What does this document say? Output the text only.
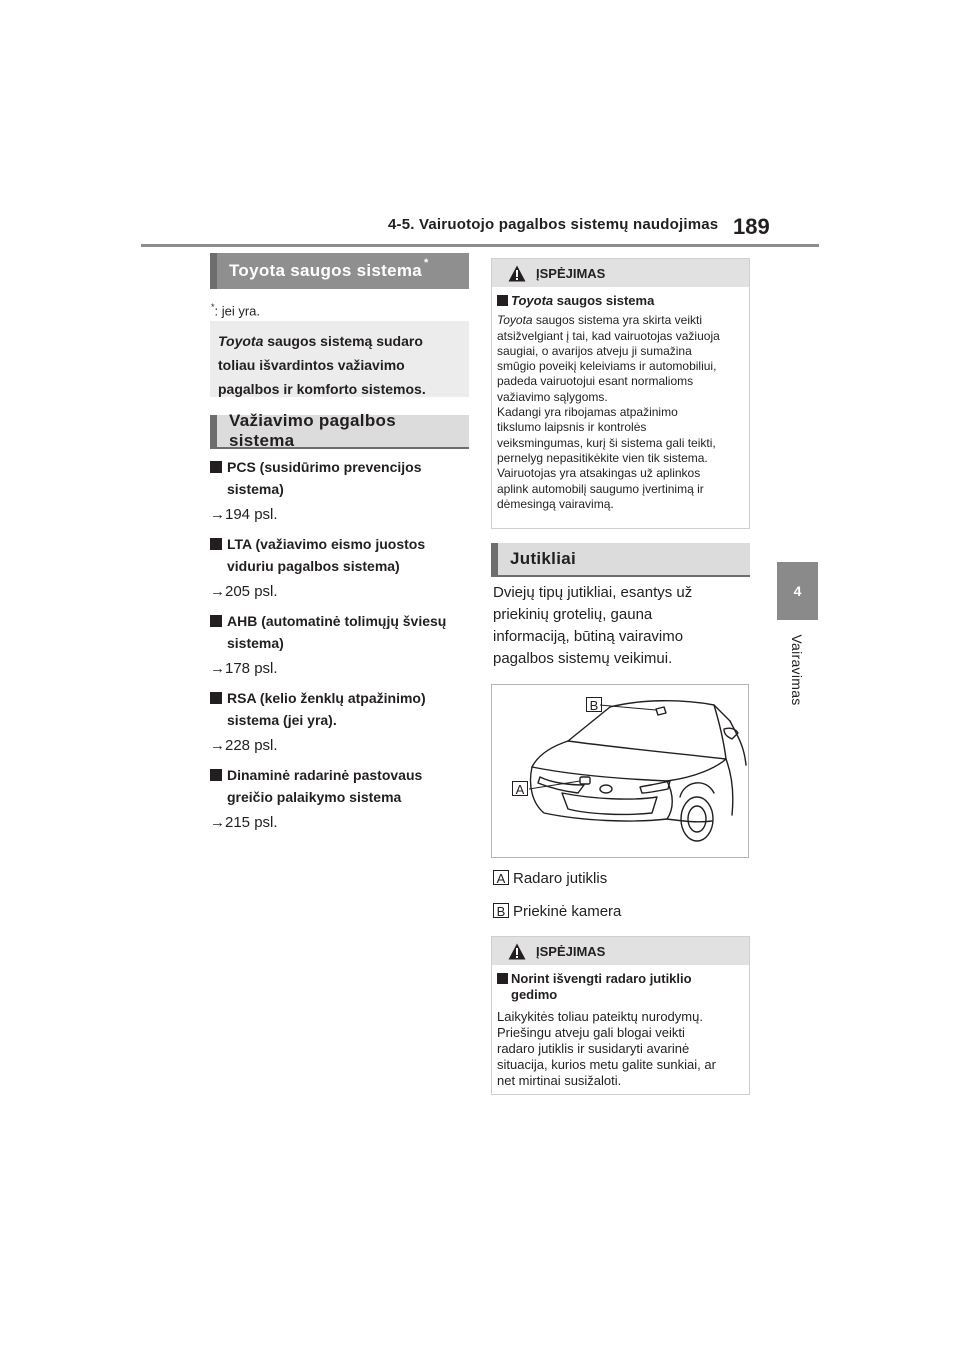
4-5. Vairuotojo pagalbos sistemų naudojimas 189
4
Vairavimas
Toyota saugos sistema*
*: jei yra.
Toyota saugos sistemą sudaro
toliau išvardintos važiavimo
pagalbos ir komforto sistemos.
Važiavimo pagalbos sistema
PCS (susidūrimo prevencijos
sistema)
→194 psl.
LTA (važiavimo eismo juostos
viduriu pagalbos sistema)
→205 psl.
AHB (automatinė tolimųjų šviesų
sistema)
→178 psl.
RSA (kelio ženklų atpažinimo)
sistema (jei yra).
→228 psl.
Dinaminė radarinė pastovaus
greičio palaikymo sistema
→215 psl.
ĮSPĖJIMAS
Toyota saugos sistema
Toyota saugos sistema yra skirta veikti
atsižvelgiant į tai, kad vairuotojas važiuoja
saugiai, o avarijos atveju ji sumažina
smūgio poveikį keleiviams ir automobiliui,
padeda vairuotojui esant normalioms
važiavimo sąlygoms.
Kadangi yra ribojamas atpažinimo
tikslumo laipsnis ir kontrolės
veiksmingumas, kurį ši sistema gali teikti,
pernelyg nepasitikėkite vien tik sistema.
Vairuotojas yra atsakingas už aplinkos
aplink automobilį saugumo įvertinimą ir
dėmesingą vairavimą.
Jutikliai
Dviejų tipų jutikliai, esantys už
priekinių grotelių, gauna
informaciją, būtiną vairavimo
pagalbos sistemų veikimui.
B
A
A Radaro jutiklis
B Priekinė kamera
ĮSPĖJIMAS
Norint išvengti radaro jutiklio
gedimo
Laikykitės toliau pateiktų nurodymų.
Priešingu atveju gali blogai veikti
radaro jutiklis ir susidaryti avarinė
situacija, kurios metu galite sunkiai, ar
net mirtinai susižaloti.
